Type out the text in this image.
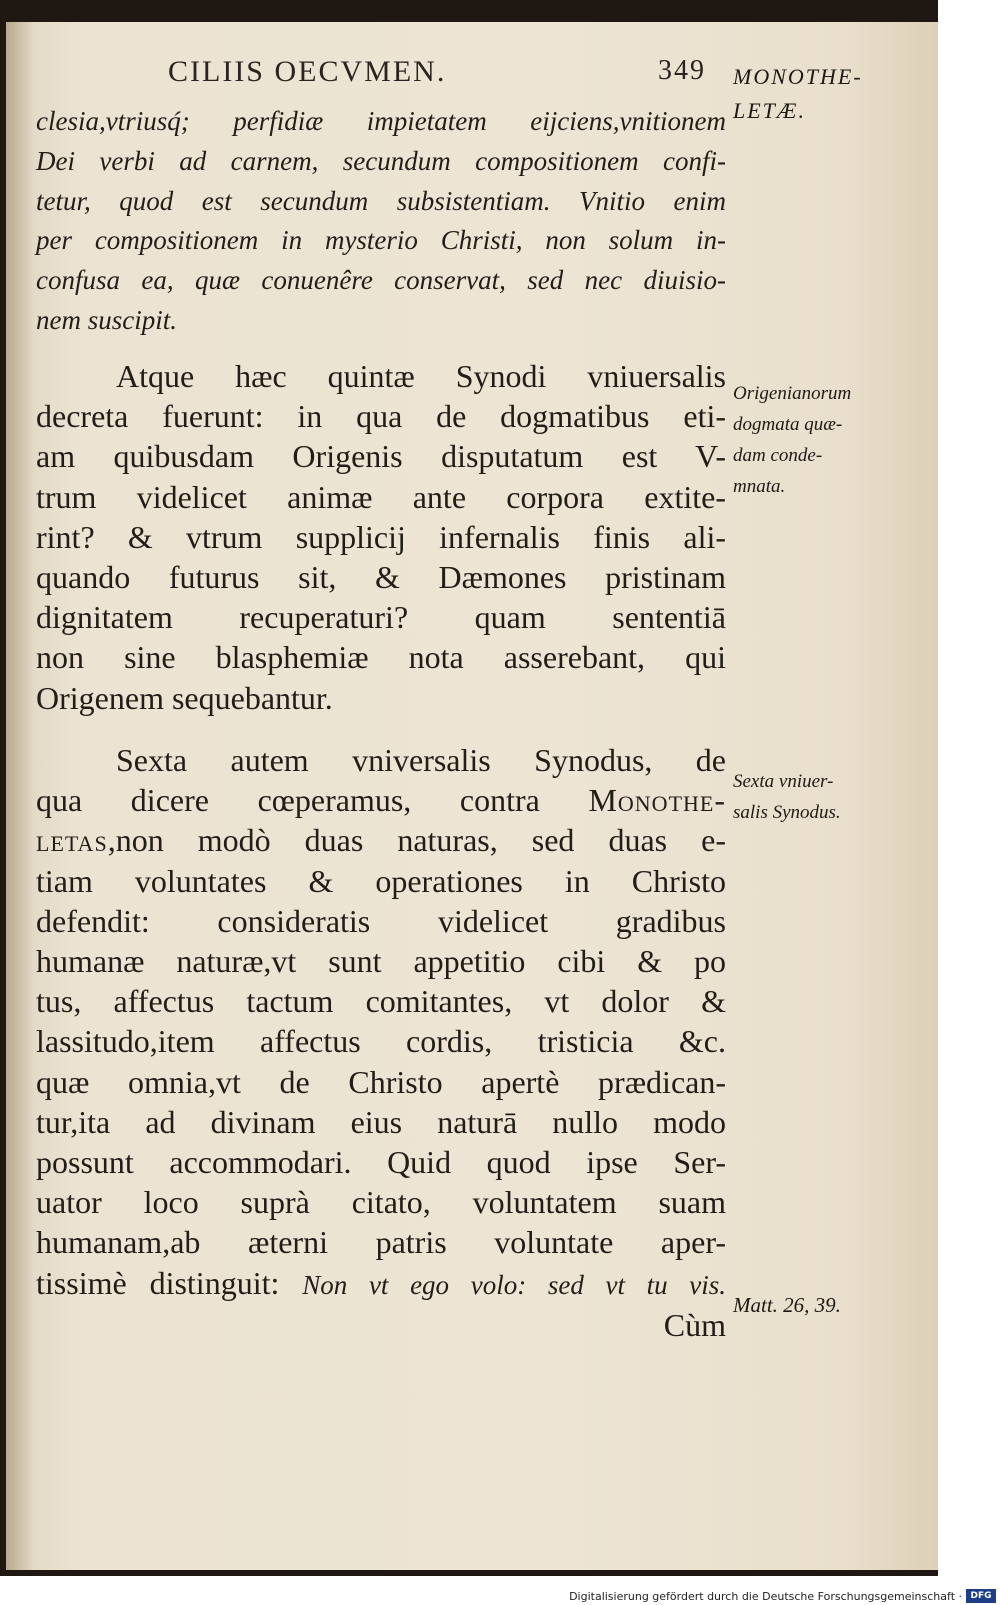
CILIIS OECVMEN.	349 MONOTHE-
LETÆ.
clesia,vtriusq́; perfidiæ impietatem eijciens,vnitionem
Dei verbi ad carnem, secundum compositionem confi-
tetur, quod est secundum subsistentiam. Vnitio enim
per compositionem in mysterio Christi, non solum in-
confusa ea, quæ conuenêre conservat, sed nec diuisio-
nem suscipit.
Atque hæc quintæ Synodi vniuersalis
decreta fuerunt: in qua de dogmatibus eti-
am quibusdam Origenis disputatum est V-
trum videlicet animæ ante corpora extite-
rint? & vtrum supplicij infernalis finis ali-
quando futurus sit, & Dæmones pristinam
dignitatem recuperaturi? quam sententiā
non sine blasphemiæ nota asserebant, qui
Origenem sequebantur.
Sexta autem vniversalis Synodus, de
qua dicere cœperamus, contra Monothe-
letas,non modò duas naturas, sed duas e-
tiam voluntates & operationes in Christo
defendit: consideratis videlicet gradibus
humanæ naturæ,vt sunt appetitio cibi & po
tus, affectus tactum comitantes, vt dolor &
lassitudo,item affectus cordis, tristicia &c.
quæ omnia,vt de Christo apertè prædican-
tur,ita ad divinam eius naturā nullo modo
possunt accommodari. Quid quod ipse Ser-
uator loco suprà citato, voluntatem suam
humanam,ab æterni patris voluntate aper-
tissimè distinguit: Non vt ego volo: sed vt tu vis.
Cùm
Origenianorum
dogmata quæ-
dam conde-
mnata.
Sexta vniuer-
salis Synodus.
Matt. 26, 39.
Digitalisierung gefördert durch die Deutsche Forschungsgemeinschaft · DFG
